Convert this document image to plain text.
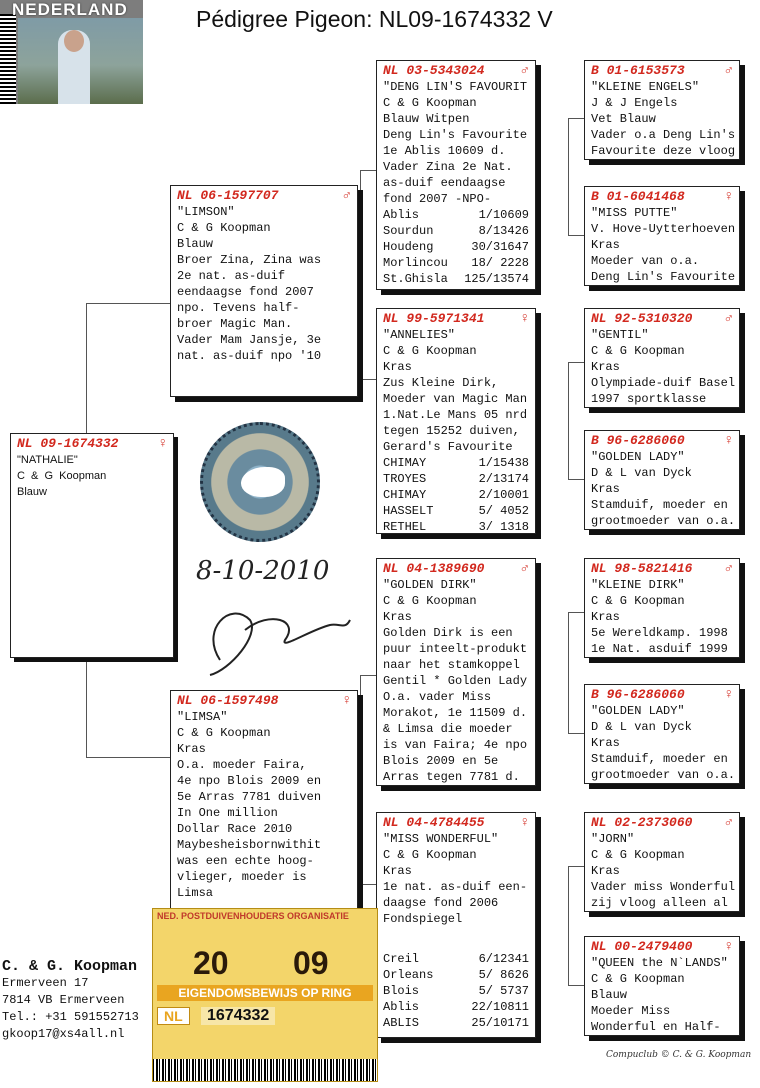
Pédigree Pigeon: NL09-1674332 V
NEDERLAND
NL 09-1674332	♀
"NATHALIE"
C  &  G  Koopman
Blauw
NL 06-1597707	♂
"LIMSON"
C & G Koopman
Blauw
Broer Zina, Zina was
2e nat. as-duif
eendaagse fond 2007
npo. Tevens half-
broer Magic Man.
Vader Mam Jansje, 3e
nat. as-duif npo '10
NL 06-1597498	♀
"LIMSA"
C & G Koopman
Kras
O.a. moeder Faira,
4e npo Blois 2009 en
5e Arras 7781 duiven
In One million
Dollar Race 2010
Maybesheisbornwithit
was een echte hoog-
vlieger, moeder is
Limsa
NL 03-5343024	♂
"DENG LIN'S FAVOURIT
C & G Koopman
Blauw Witpen
Deng Lin's Favourite
1e Ablis 10609 d.
Vader Zina 2e Nat.
as-duif eendaagse
fond 2007 -NPO-
Ablis	1/10609
Sourdun	8/13426
Houdeng	30/31647
Morlincou 18/ 2228
St.Ghisla 125/13574
NL 99-5971341	♀
"ANNELIES"
C & G Koopman
Kras
Zus Kleine Dirk,
Moeder van Magic Man
1.Nat.Le Mans 05 nrd
tegen 15252 duiven,
Gerard's Favourite
CHIMAY	1/15438
TROYES	2/13174
CHIMAY	2/10001
HASSELT	5/ 4052
RETHEL	3/ 1318
NL 04-1389690	♂
"GOLDEN DIRK"
C & G Koopman
Kras
Golden Dirk is een
puur inteelt-produkt
naar het stamkoppel
Gentil * Golden Lady
O.a. vader Miss
Morakot, 1e 11509 d.
& Limsa die moeder
is van Faira; 4e npo
Blois 2009 en 5e
Arras tegen 7781 d.
NL 04-4784455	♀
"MISS WONDERFUL"
C & G Koopman
Kras
1e nat. as-duif een-
daagse fond 2006
Fondspiegel
Creil	6/12341
Orleans	5/ 8626
Blois	5/ 5737
Ablis	22/10811
ABLIS	25/10171
B 01-6153573	♂
"KLEINE ENGELS"
J & J Engels
Vet Blauw
Vader o.a Deng Lin's
Favourite deze vloog
B 01-6041468	♀
"MISS PUTTE"
V. Hove-Uytterhoeven
Kras
Moeder van o.a.
Deng Lin's Favourite
NL 92-5310320 ♂
"GENTIL"
C & G Koopman
Kras
Olympiade-duif Basel
1997 sportklasse
B 96-6286060	♀
"GOLDEN LADY"
D & L van Dyck
Kras
Stamduif, moeder en
grootmoeder van o.a.
NL 98-5821416 ♂
"KLEINE DIRK"
C & G Koopman
Kras
5e Wereldkamp. 1998
1e Nat. asduif 1999
B 96-6286060	♀
"GOLDEN LADY"
D & L van Dyck
Kras
Stamduif, moeder en
grootmoeder van o.a.
NL 02-2373060 ♂
"JORN"
C & G Koopman
Kras
Vader miss Wonderful
zij vloog alleen al
NL 00-2479400 ♀
"QUEEN the N`LANDS"
C & G Koopman
Blauw
Moeder Miss
Wonderful en Half-
8-10-2010
C. & G. Koopman
Ermerveen 17
7814 VB Ermerveen
Tel.: +31 591552713
gkoop17@xs4all.nl
NED. POSTDUIVENHOUDERS ORGANISATIE
20 09
EIGENDOMSBEWIJS OP RING
NL	1674332
Compuclub © C. & G. Koopman
